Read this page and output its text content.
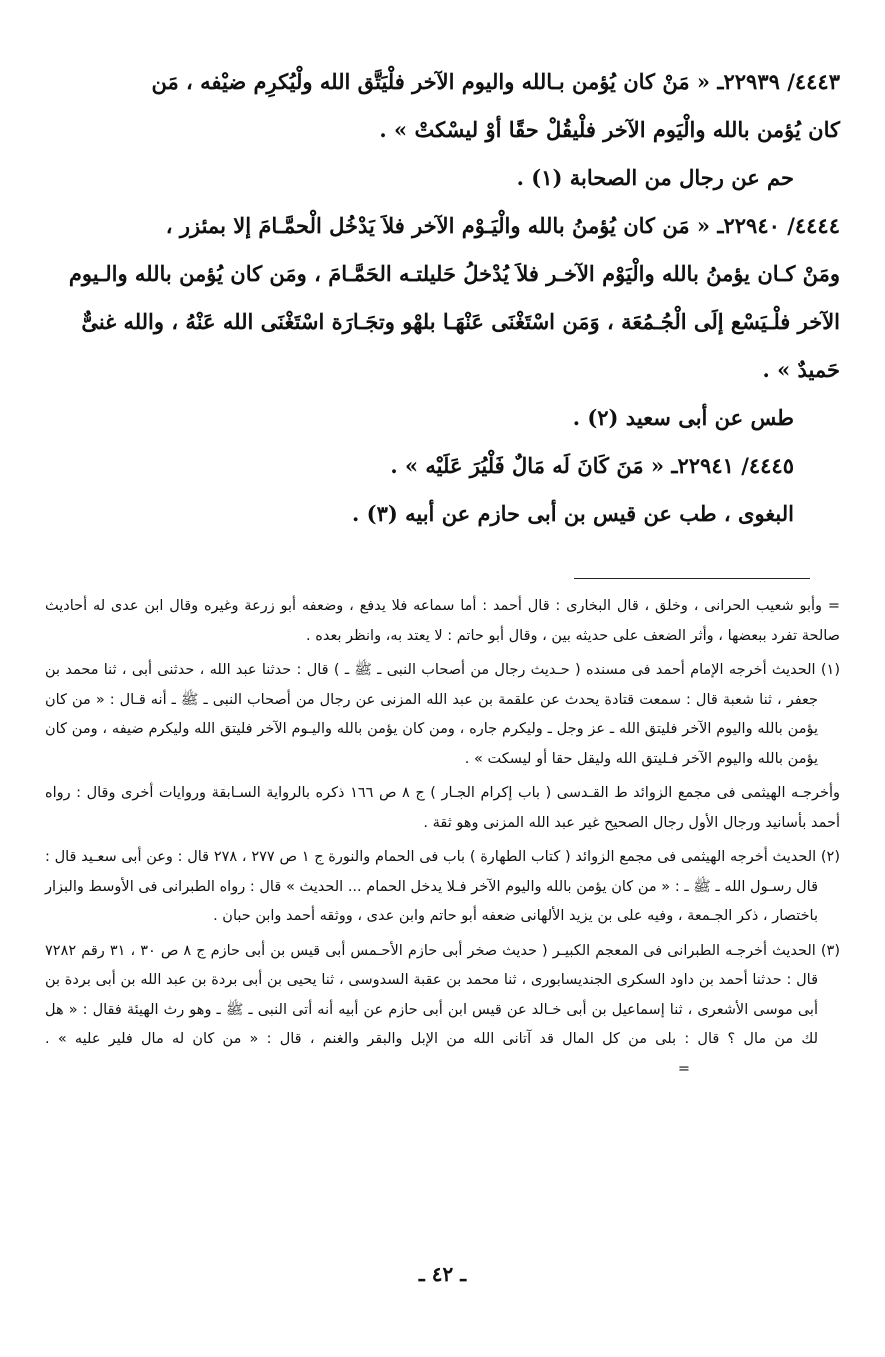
٤٤٤٣/ ٢٢٩٣٩ـ « مَنْ كان يُؤمن بـالله واليوم الآخر فلْيَتَّق الله ولْيُكرِم ضيْفه ، مَن

كان يُؤمن بالله والْيَوم الآخر فلْيقُلْ حقًا أوْ ليسْكتْ » .

حم عن رجال من الصحابة (١) .

٤٤٤٤/ ٢٢٩٤٠ـ « مَن كان يُؤمنُ بالله والْيَـوْم الآخر فلاَ يَدْخُل الْحمَّـامَ إلا بمئزر ،

ومَنْ كـان يؤمنُ بالله والْيَوْم الآخـر فلاَ يُدْخلُ حَليلتـه الحَمَّـامَ ، ومَن كان يُؤمن بالله والـيوم

الآخر فلْـيَسْع إلَى الْجُـمُعَة ، وَمَن اسْتَغْنَى عَنْهَـا بلهْو وتجَـارَة اسْتَغْنَى الله عَنْهُ ، والله غنىٌّ

حَميدٌ » .

طس عن أبى سعيد (٢) .

٤٤٤٥/ ٢٢٩٤١ـ « مَنَ كَانَ لَه مَالٌ فَلْيُرَ عَلَيْه » .

البغوى ، طب عن قيس بن أبى حازم عن أبيه (٣) .

= وأبو شعيب الحرانى ، وخلق ، قال البخارى : قال أحمد : أما سماعه فلا يدفع ، وضعفه أبو زرعة وغيره وقال ابن عدى له أحاديث صالحة تفرد ببعضها ، وأثر الضعف على حديثه بين ، وقال أبو حاتم : لا يعتد به، وانظر بعده .

(١) الحديث أخرجه الإمام أحمد فى مسنده ( حـديث رجال من أصحاب النبى ـ ﷺ ـ ) قال : حدثنا عبد الله ، حدثنى أبى ، ثنا محمد بن جعفر ، ثنا شعبة قال : سمعت قتادة يحدث عن علقمة بن عبد الله المزنى عن رجال من أصحاب النبى ـ ﷺ ـ أنه قـال : « من كان يؤمن بالله واليوم الآخر فليتق الله ـ عز وجل ـ وليكرم جاره ، ومن كان يؤمن بالله واليـوم الآخر فليتق الله وليكرم ضيفه ، ومن كان يؤمن بالله واليوم الآخر فـليتق الله وليقل حقا أو ليسكت » .

وأخرجـه الهيثمى فى مجمع الزوائد ط القـدسى ( باب إكرام الجـار ) ج ٨ ص ١٦٦ ذكره بالرواية السـابقة وروايات أخرى وقال : رواه أحمد بأسانيد ورجال الأول رجال الصحيح غير عبد الله المزنى وهو ثقة .

(٢) الحديث أخرجه الهيثمى فى مجمع الزوائد ( كتاب الطهارة ) باب فى الحمام والنورة ج ١ ص ٢٧٧ ، ٢٧٨ قال : وعن أبى سعـيد قال : قال رسـول الله ـ ﷺ ـ : « من كان يؤمن بالله واليوم الآخر فـلا يدخل الحمام ... الحديث » قال : رواه الطبرانى فى الأوسط والبزار باختصار ، ذكر الجـمعة ، وفيه على بن يزيد الألهانى ضعفه أبو حاتم وابن عدى ، ووثقه أحمد وابن حبان .

(٣) الحديث أخرجـه الطبرانى فى المعجم الكبيـر ( حديث صخر أبى حازم الأحـمس أبى قيس بن أبى حازم ج ٨ ص ٣٠ ، ٣١ رقم ٧٢٨٢ قال : حدثنا أحمد بن داود السكرى الجنديسابورى ، ثنا محمد بن عقبة السدوسى ، ثنا يحيى بن أبى بردة بن عبد الله بن أبى بردة بن أبى موسى الأشعرى ، ثنا إسماعيل بن أبى خـالد عن قيس ابن أبى حازم عن أبيه أنه أتى النبى ـ ﷺ ـ وهو رث الهيئة فقال : « هل لك من مال ؟ قال : بلى من كل المال قد آتانى الله من الإبل والبقر والغنم ، قال : « من كان له مال فلير عليه » . =

ـ ٤٢ ـ
